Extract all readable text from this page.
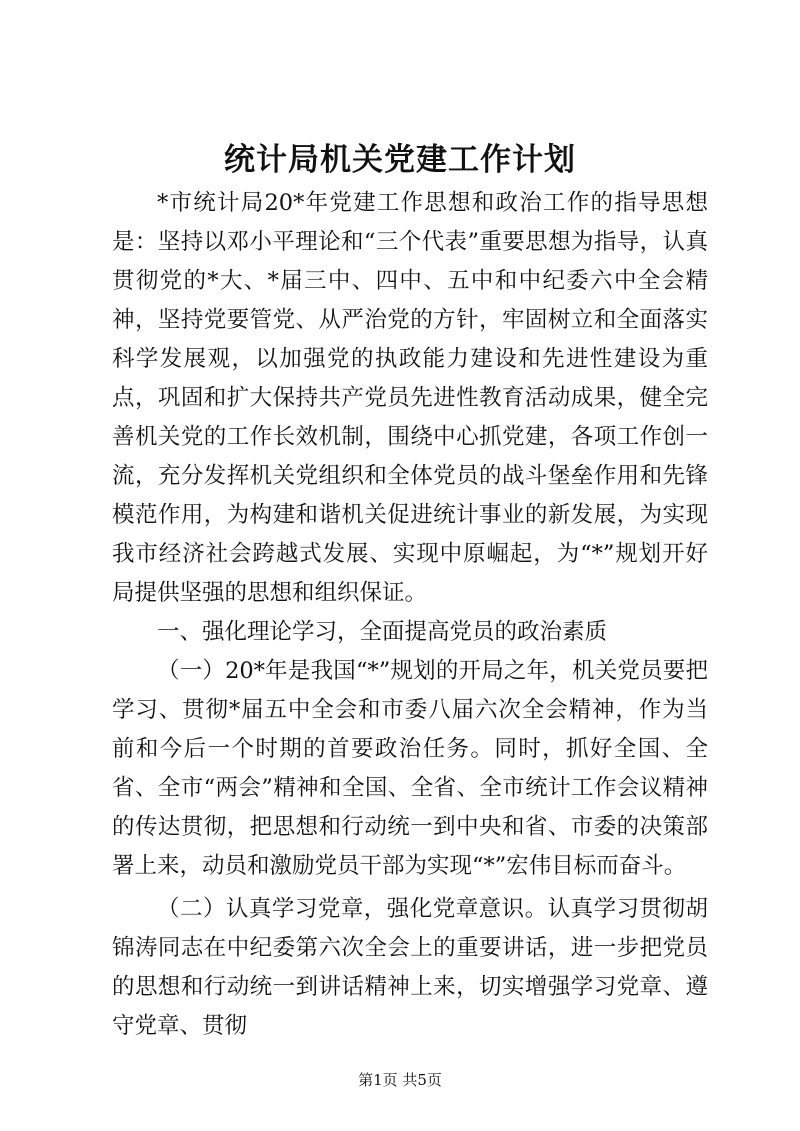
统计局机关党建工作计划

*市统计局20*年党建工作思想和政治工作的指导思想是：坚持以邓小平理论和“三个代表”重要思想为指导，认真贯彻党的*大、*届三中、四中、五中和中纪委六中全会精神，坚持党要管党、从严治党的方针，牢固树立和全面落实科学发展观，以加强党的执政能力建设和先进性建设为重点，巩固和扩大保持共产党员先进性教育活动成果，健全完善机关党的工作长效机制，围绕中心抓党建，各项工作创一流，充分发挥机关党组织和全体党员的战斗堡垒作用和先锋模范作用，为构建和谐机关促进统计事业的新发展，为实现我市经济社会跨越式发展、实现中原崛起，为“*”规划开好局提供坚强的思想和组织保证。

一、强化理论学习，全面提高党员的政治素质

（一）20*年是我国“*”规划的开局之年，机关党员要把学习、贯彻*届五中全会和市委八届六次全会精神，作为当前和今后一个时期的首要政治任务。同时，抓好全国、全省、全市“两会”精神和全国、全省、全市统计工作会议精神的传达贯彻，把思想和行动统一到中央和省、市委的决策部署上来，动员和激励党员干部为实现“*”宏伟目标而奋斗。

（二）认真学习党章，强化党章意识。认真学习贯彻胡锦涛同志在中纪委第六次全会上的重要讲话，进一步把党员的思想和行动统一到讲话精神上来，切实增强学习党章、遵守党章、贯彻

第1页 共5页
